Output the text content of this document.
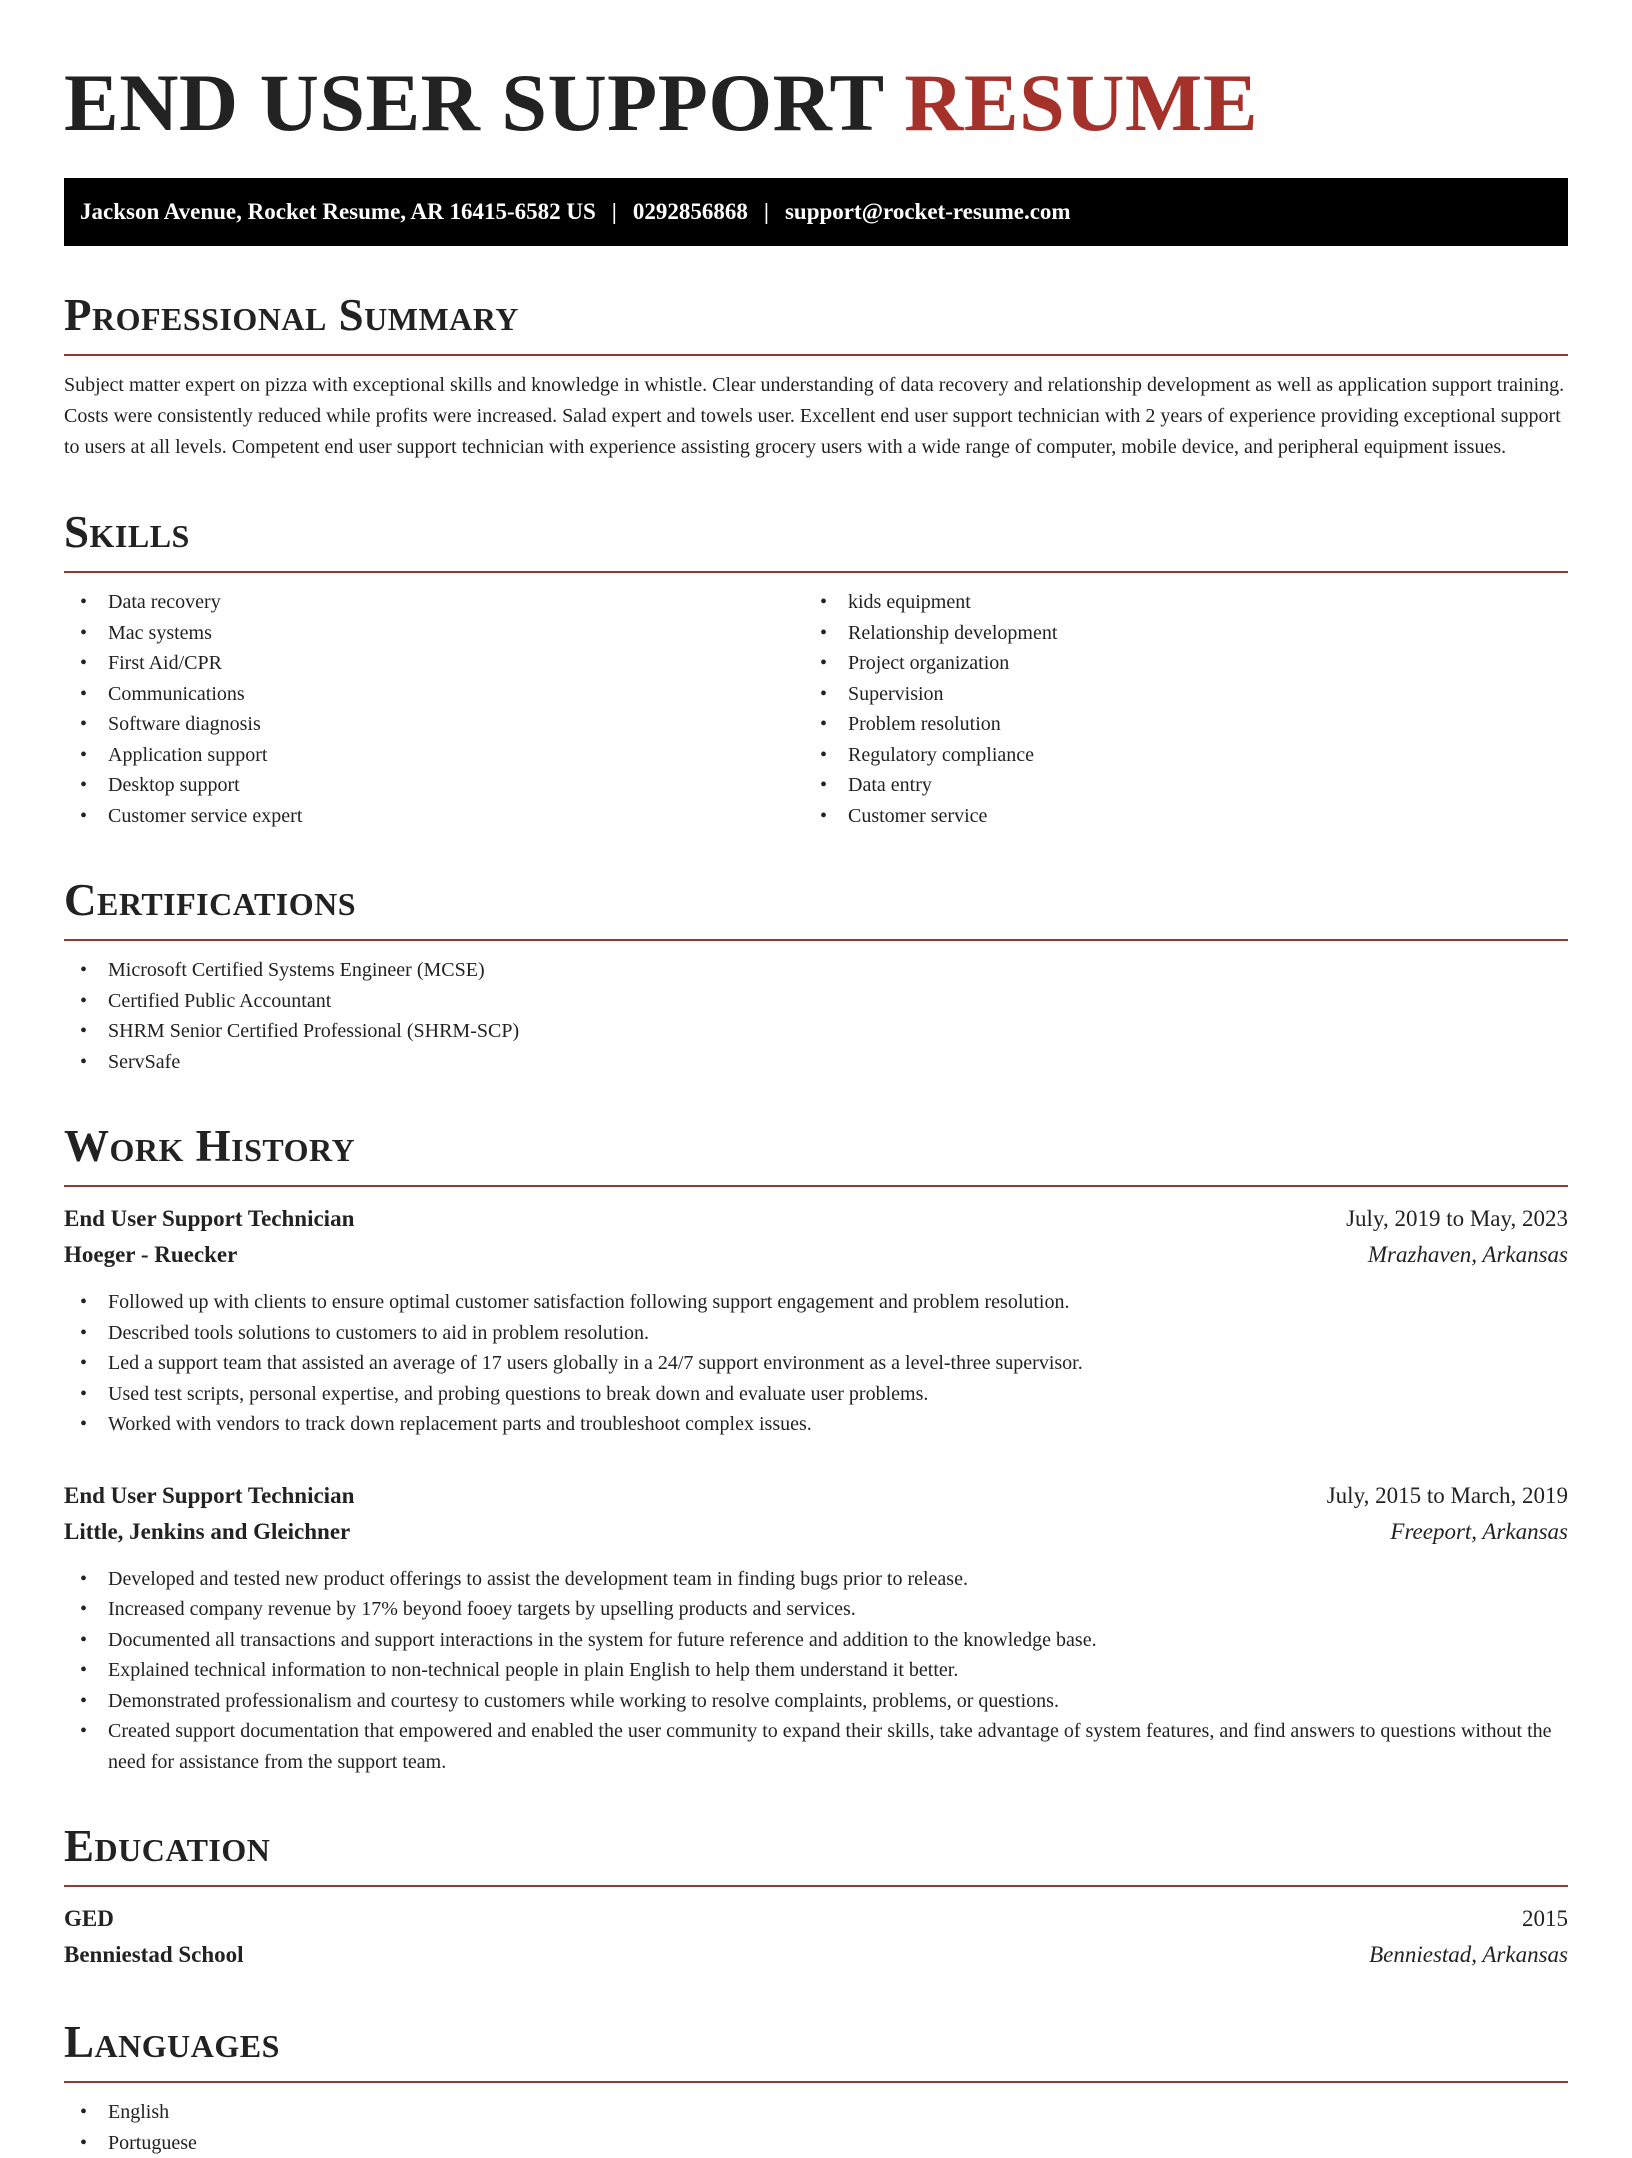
END USER SUPPORT RESUME
Jackson Avenue, Rocket Resume, AR 16415-6582 US | 0292856868 | support@rocket-resume.com
Professional Summary
Subject matter expert on pizza with exceptional skills and knowledge in whistle. Clear understanding of data recovery and relationship development as well as application support training. Costs were consistently reduced while profits were increased. Salad expert and towels user. Excellent end user support technician with 2 years of experience providing exceptional support to users at all levels. Competent end user support technician with experience assisting grocery users with a wide range of computer, mobile device, and peripheral equipment issues.
Skills
• Data recovery
• Mac systems
• First Aid/CPR
• Communications
• Software diagnosis
• Application support
• Desktop support
• Customer service expert
• kids equipment
• Relationship development
• Project organization
• Supervision
• Problem resolution
• Regulatory compliance
• Data entry
• Customer service
Certifications
• Microsoft Certified Systems Engineer (MCSE)
• Certified Public Accountant
• SHRM Senior Certified Professional (SHRM-SCP)
• ServSafe
Work History
End User Support Technician	July, 2019 to May, 2023
Hoeger - Ruecker	Mrazhaven, Arkansas
• Followed up with clients to ensure optimal customer satisfaction following support engagement and problem resolution.
• Described tools solutions to customers to aid in problem resolution.
• Led a support team that assisted an average of 17 users globally in a 24/7 support environment as a level-three supervisor.
• Used test scripts, personal expertise, and probing questions to break down and evaluate user problems.
• Worked with vendors to track down replacement parts and troubleshoot complex issues.
End User Support Technician	July, 2015 to March, 2019
Little, Jenkins and Gleichner	Freeport, Arkansas
• Developed and tested new product offerings to assist the development team in finding bugs prior to release.
• Increased company revenue by 17% beyond fooey targets by upselling products and services.
• Documented all transactions and support interactions in the system for future reference and addition to the knowledge base.
• Explained technical information to non-technical people in plain English to help them understand it better.
• Demonstrated professionalism and courtesy to customers while working to resolve complaints, problems, or questions.
• Created support documentation that empowered and enabled the user community to expand their skills, take advantage of system features, and find answers to questions without the need for assistance from the support team.
Education
GED	2015
Benniestad School	Benniestad, Arkansas
Languages
• English
• Portuguese
